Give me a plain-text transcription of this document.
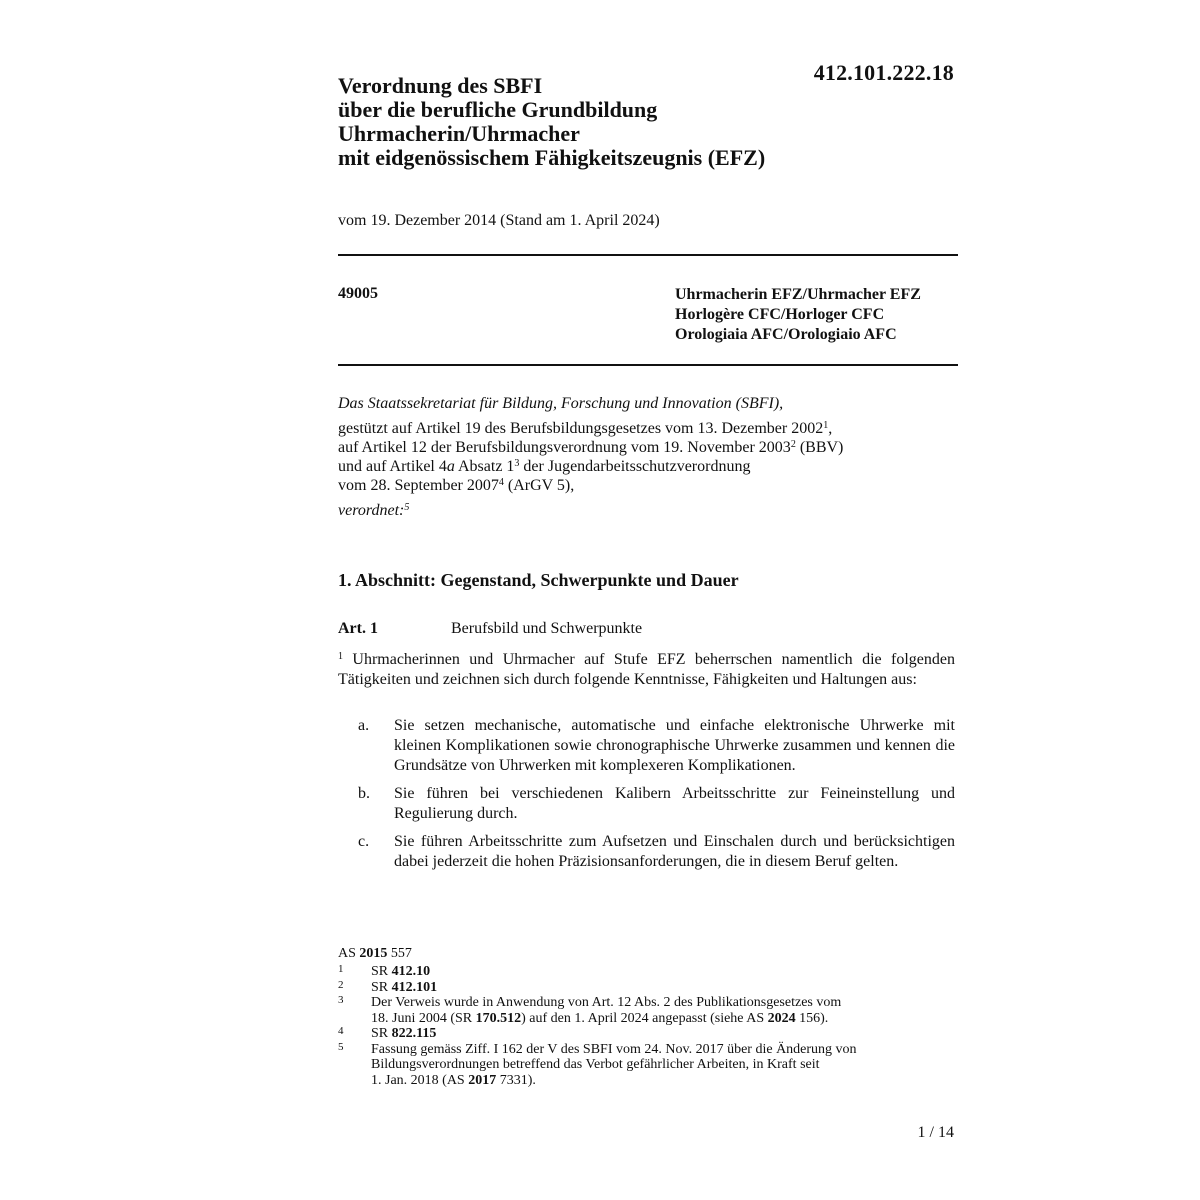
412.101.222.18
Verordnung des SBFI
über die berufliche Grundbildung
Uhrmacherin/Uhrmacher
mit eidgenössischem Fähigkeitszeugnis (EFZ)
vom 19. Dezember 2014 (Stand am 1. April 2024)
49005	Uhrmacherin EFZ/Uhrmacher EFZ
Horlogère CFC/Horloger CFC
Orologiaia AFC/Orologiaio AFC
Das Staatssekretariat für Bildung, Forschung und Innovation (SBFI),
gestützt auf Artikel 19 des Berufsbildungsgesetzes vom 13. Dezember 2002$^1$,
auf Artikel 12 der Berufsbildungsverordnung vom 19. November 2003$^2$ (BBV)
und auf Artikel 4a Absatz $1^3$ der Jugendarbeitsschutzverordnung
vom 28. September 2007$^4$ (ArGV 5),
verordnet:$^5$
1. Abschnitt: Gegenstand, Schwerpunkte und Dauer
Art. 1	Berufsbild und Schwerpunkte
$^1$ Uhrmacherinnen und Uhrmacher auf Stufe EFZ beherrschen namentlich die folgenden Tätigkeiten und zeichnen sich durch folgende Kenntnisse, Fähigkeiten und Haltungen aus:
a. Sie setzen mechanische, automatische und einfache elektronische Uhrwerke mit kleinen Komplikationen sowie chronographische Uhrwerke zusammen und kennen die Grundsätze von Uhrwerken mit komplexeren Komplikationen.
b. Sie führen bei verschiedenen Kalibern Arbeitsschritte zur Feineinstellung und Regulierung durch.
c. Sie führen Arbeitsschritte zum Aufsetzen und Einschalen durch und berücksichtigen dabei jederzeit die hohen Präzisionsanforderungen, die in diesem Beruf gelten.
AS 2015 557
1 SR 412.10
2 SR 412.101
3 Der Verweis wurde in Anwendung von Art. 12 Abs. 2 des Publikationsgesetzes vom
18. Juni 2004 (SR 170.512) auf den 1. April 2024 angepasst (siehe AS 2024 156).
4 SR 822.115
5 Fassung gemäss Ziff. I 162 der V des SBFI vom 24. Nov. 2017 über die Änderung von
Bildungsverordnungen betreffend das Verbot gefährlicher Arbeiten, in Kraft seit
1. Jan. 2018 (AS 2017 7331).
1 / 14
